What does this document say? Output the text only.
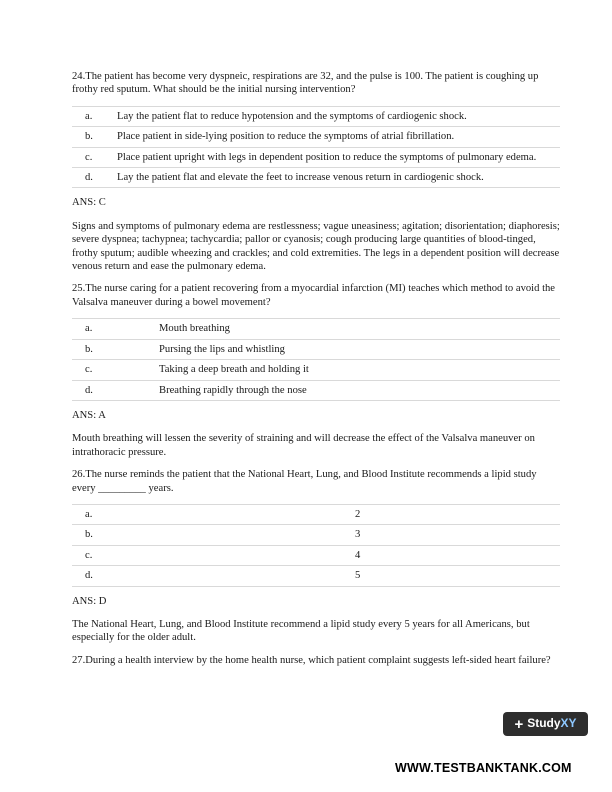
24.The patient has become very dyspneic, respirations are 32, and the pulse is 100. The patient is coughing up frothy red sputum. What should be the initial nursing intervention?

a.	Lay the patient flat to reduce hypotension and the symptoms of cardiogenic shock.
b.	Place patient in side-lying position to reduce the symptoms of atrial fibrillation.
c.	Place patient upright with legs in dependent position to reduce the symptoms of pulmonary edema.
d.	Lay the patient flat and elevate the feet to increase venous return in cardiogenic shock.

ANS: C

Signs and symptoms of pulmonary edema are restlessness; vague uneasiness; agitation; disorientation; diaphoresis; severe dyspnea; tachypnea; tachycardia; pallor or cyanosis; cough producing large quantities of blood-tinged, frothy sputum; audible wheezing and crackles; and cold extremities. The legs in a dependent position will decrease venous return and ease the pulmonary edema.

25.The nurse caring for a patient recovering from a myocardial infarction (MI) teaches which method to avoid the Valsalva maneuver during a bowel movement?

a.	Mouth breathing
b.	Pursing the lips and whistling
c.	Taking a deep breath and holding it
d.	Breathing rapidly through the nose

ANS: A

Mouth breathing will lessen the severity of straining and will decrease the effect of the Valsalva maneuver on intrathoracic pressure.

26.The nurse reminds the patient that the National Heart, Lung, and Blood Institute recommends a lipid study every _________ years.

a.	2
b.	3
c.	4
d.	5

ANS: D

The National Heart, Lung, and Blood Institute recommend a lipid study every 5 years for all Americans, but especially for the older adult.

27.During a health interview by the home health nurse, which patient complaint suggests left-sided heart failure?

+ Study XY
WWW.TESTBANKTANK.COM
